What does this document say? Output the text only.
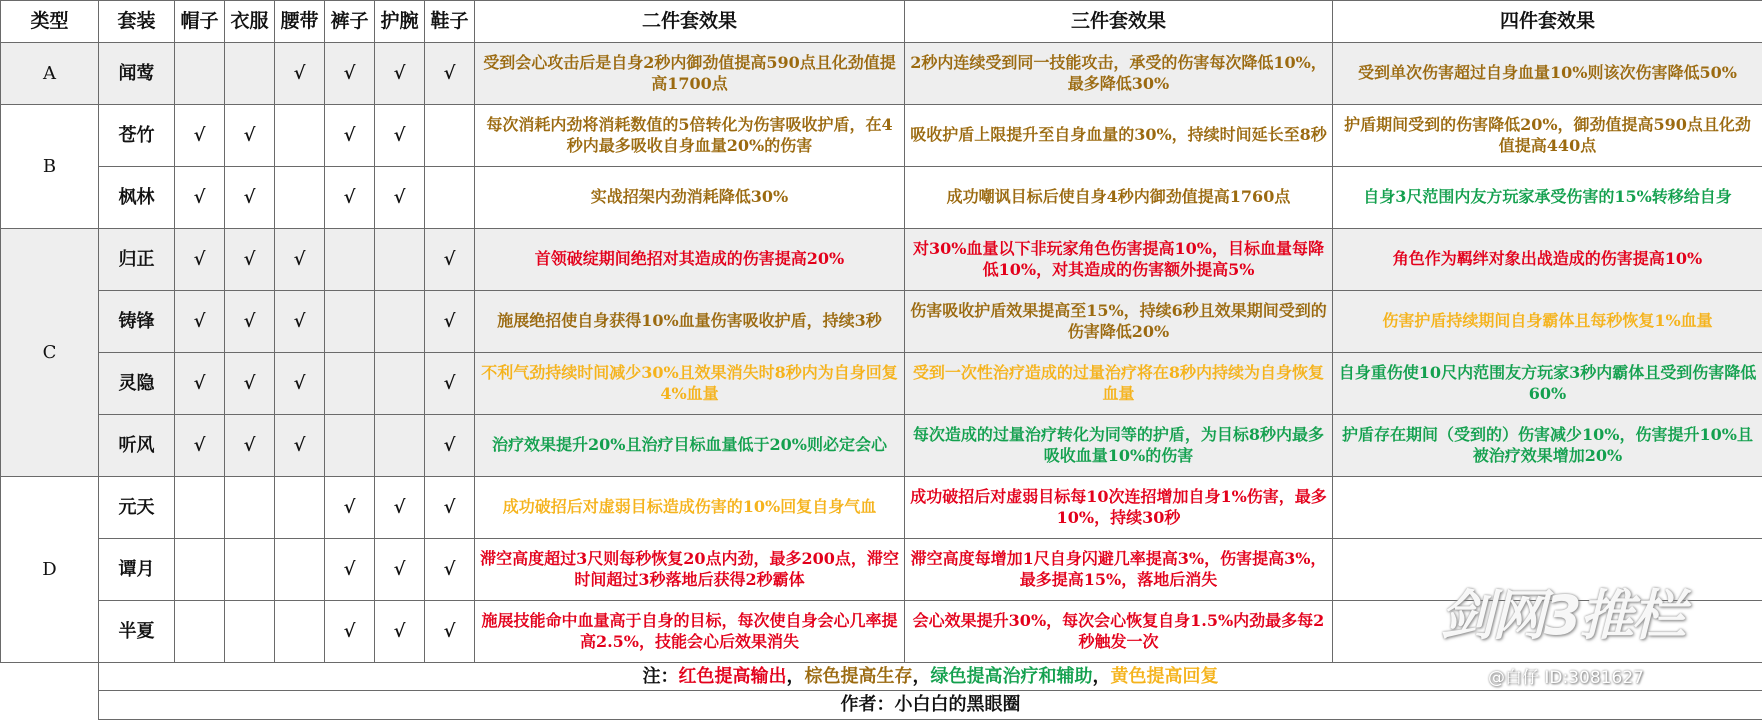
类型	套装	帽子	衣服	腰带	裤子	护腕	鞋子	二件套效果	三件套效果	四件套效果
A	闻莺			√	√	√	√	受到会心攻击后是自身2秒内御劲值提高590点且化劲值提高1700点	2秒内连续受到同一技能攻击，承受的伤害每次降低10%，最多降低30%	受到单次伤害超过自身血量10%则该次伤害降低50%
B	苍竹	√	√		√	√		每次消耗内劲将消耗数值的5倍转化为伤害吸收护盾，在4秒内最多吸收自身血量20%的伤害	吸收护盾上限提升至自身血量的30%，持续时间延长至8秒	护盾期间受到的伤害降低20%，御劲值提高590点且化劲值提高440点
	枫林	√	√		√	√		实战招架内劲消耗降低30%	成功嘲讽目标后使自身4秒内御劲值提高1760点	自身3尺范围内友方玩家承受伤害的15%转移给自身
C	归正	√	√	√			√	首领破绽期间绝招对其造成的伤害提高20%	对30%血量以下非玩家角色伤害提高10%，目标血量每降低10%，对其造成的伤害额外提高5%	角色作为羁绊对象出战造成的伤害提高10%
	铸锋	√	√	√			√	施展绝招使自身获得10%血量伤害吸收护盾，持续3秒	伤害吸收护盾效果提高至15%，持续6秒且效果期间受到的伤害降低20%	伤害护盾持续期间自身霸体且每秒恢复1%血量
	灵隐	√	√	√			√	不利气劲持续时间减少30%且效果消失时8秒内为自身回复4%血量	受到一次性治疗造成的过量治疗将在8秒内持续为自身恢复血量	自身重伤使10尺内范围友方玩家3秒内霸体且受到伤害降低60%
	听风	√	√	√			√	治疗效果提升20%且治疗目标血量低于20%则必定会心	每次造成的过量治疗转化为同等的护盾，为目标8秒内最多吸收血量10%的伤害	护盾存在期间（受到的）伤害减少10%，伤害提升10%且被治疗效果增加20%
D	元天				√	√	√	成功破招后对虚弱目标造成伤害的10%回复自身气血	成功破招后对虚弱目标每10次连招增加自身1%伤害，最多10%，持续30秒	
	谭月				√	√	√	滞空高度超过3尺则每秒恢复20点内劲，最多200点，滞空时间超过3秒落地后获得2秒霸体	滞空高度每增加1尺自身闪避几率提高3%，伤害提高3%，最多提高15%，落地后消失	
	半夏				√	√	√	施展技能命中血量高于自身的目标，每次使自身会心几率提高2.5%，技能会心后效果消失	会心效果提升30%，每次会心恢复自身1.5%内劲最多每2秒触发一次	
	注：红色提高输出，棕色提高生存，绿色提高治疗和辅助，黄色提高回复									
	作者：小白白的黑眼圈									
剑网3推栏
@白仔 ID:3081627
